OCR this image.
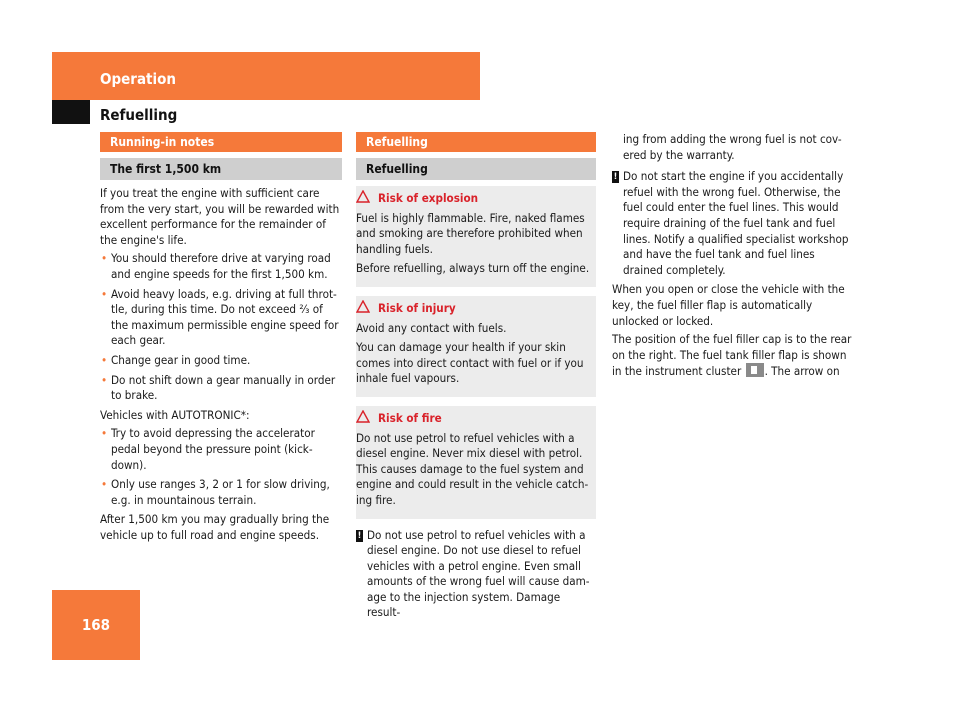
Operation
Refuelling
Running-in notes
The first 1,500 km

If you treat the engine with sufficient care from the very start, you will be rewarded with excellent performance for the remainder of the engine's life.

• You should therefore drive at varying road and engine speeds for the first 1,500 km.
• Avoid heavy loads, e.g. driving at full throt- tle, during this time. Do not exceed ²⁄₃ of the maximum permissible engine speed for each gear.
• Change gear in good time.
• Do not shift down a gear manually in order to brake.

Vehicles with AUTOTRONIC*:

• Try to avoid depressing the accelerator pedal beyond the pressure point (kick- down).
• Only use ranges 3, 2 or 1 for slow driving, e.g. in mountainous terrain.

After 1,500 km you may gradually bring the vehicle up to full road and engine speeds.

Refuelling
Refuelling

Risk of explosion

Fuel is highly flammable. Fire, naked flames and smoking are therefore prohibited when handling fuels.

Before refuelling, always turn off the engine.

Risk of injury

Avoid any contact with fuels.

You can damage your health if your skin comes into direct contact with fuel or if you inhale fuel vapours.

Risk of fire

Do not use petrol to refuel vehicles with a diesel engine. Never mix diesel with petrol. This causes damage to the fuel system and engine and could result in the vehicle catch- ing fire.

! Do not use petrol to refuel vehicles with a diesel engine. Do not use diesel to refuel vehicles with a petrol engine. Even small amounts of the wrong fuel will cause dam- age to the injection system. Damage result-

ing from adding the wrong fuel is not cov- ered by the warranty.

! Do not start the engine if you accidentally refuel with the wrong fuel. Otherwise, the fuel could enter the fuel lines. This would require draining of the fuel tank and fuel lines. Notify a qualified specialist workshop and have the fuel tank and fuel lines drained completely.

When you open or close the vehicle with the key, the fuel filler flap is automatically unlocked or locked.

The position of the fuel filler cap is to the rear on the right. The fuel tank filler flap is shown in the instrument cluster . The arrow on

168
